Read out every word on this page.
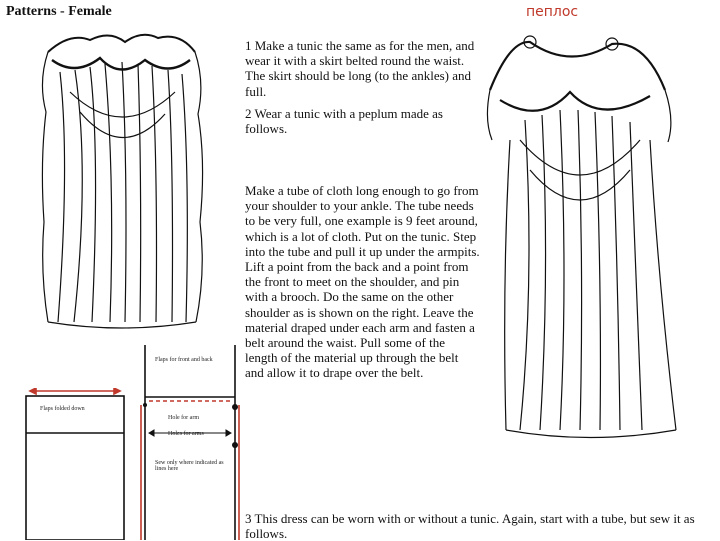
Patterns - Female	пеплос
1 Make a tunic the same as for the men, and wear it with a skirt belted round the waist. The skirt should be long (to the ankles) and full.
2 Wear a tunic with a peplum made as follows.
Make a tube of cloth long enough to go from your shoulder to your ankle. The tube needs to be very full, one example is 9 feet around, which is a lot of cloth. Put on the tunic. Step into the tube and pull it up under the armpits. Lift a point from the back and a point from the front to meet on the shoulder, and pin with a brooch. Do the same on the other shoulder as is shown on the right. Leave the material draped under each arm and fasten a belt around the waist. Pull some of the length of the material up through the belt and allow it to drape over the belt.
3 This dress can be worn with or without a tunic. Again, start with a tube, but sew it as follows.
Flaps folded down
Flaps for front and back
Hole for arm
Holes for arms
Sew only where indicated as lines here
